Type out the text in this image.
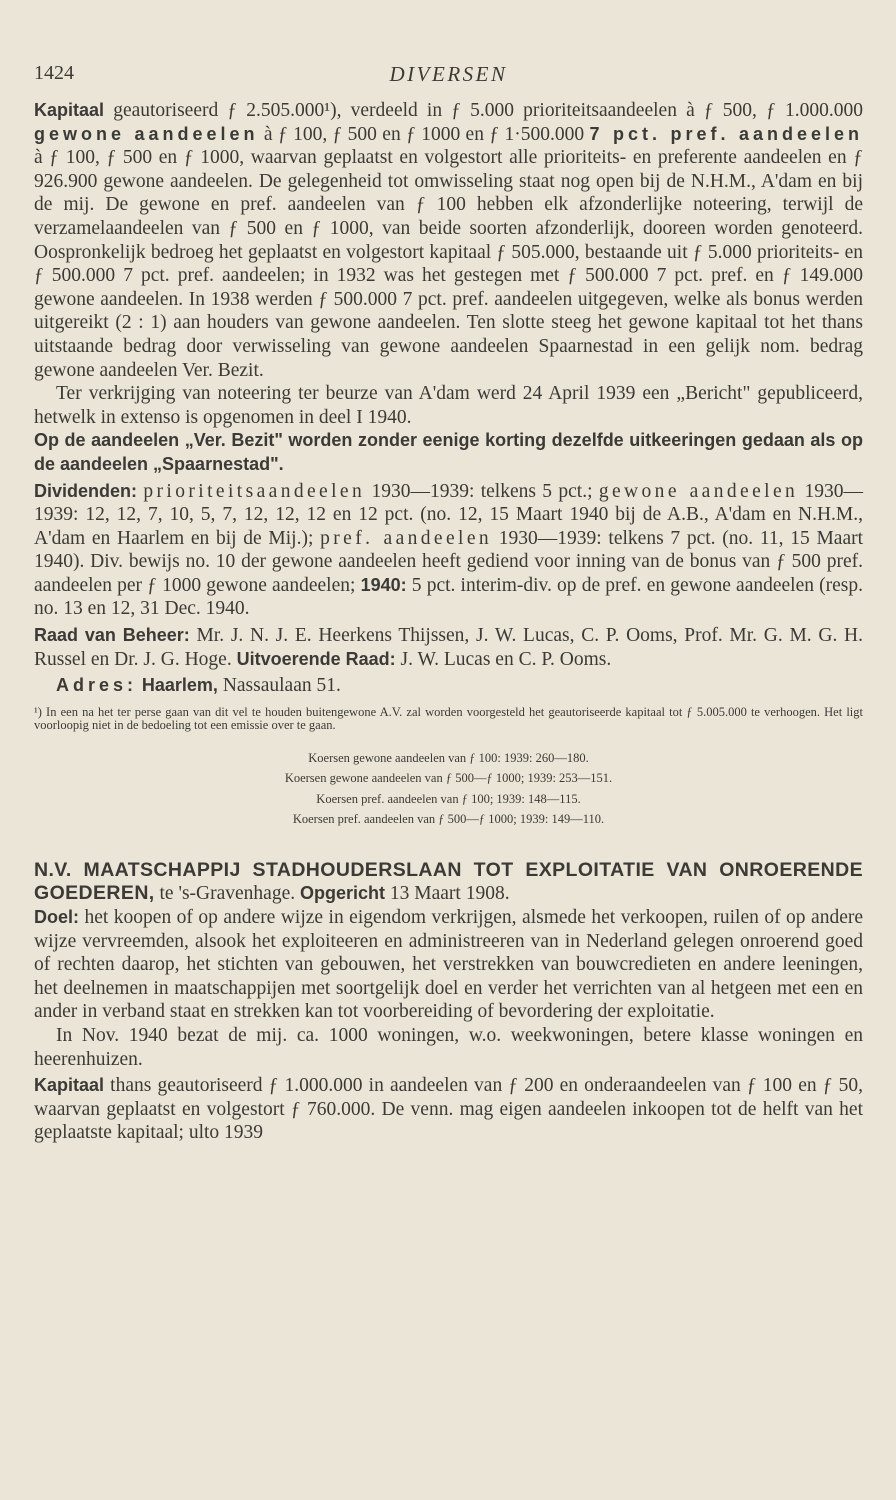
1424	DIVERSEN

Kapitaal geautoriseerd ƒ 2.505.000¹), verdeeld in ƒ 5.000 prioriteitsaandeelen à ƒ 500, ƒ 1.000.000 gewone aandeelen à ƒ 100, ƒ 500 en ƒ 1000 en ƒ 1·500.000 7 pct. pref. aandeelen à ƒ 100, ƒ 500 en ƒ 1000, waarvan geplaatst en volgestort alle prioriteits- en preferente aandeelen en ƒ 926.900 gewone aandeelen. De gelegenheid tot omwisseling staat nog open bij de N.H.M., A'dam en bij de mij. De gewone en pref. aandeelen van ƒ 100 hebben elk afzonderlijke noteering, terwijl de verzamelaandeelen van ƒ 500 en ƒ 1000, van beide soorten afzonderlijk, dooreen worden genoteerd. Oospronkelijk bedroeg het geplaatst en volgestort kapitaal ƒ 505.000, bestaande uit ƒ 5.000 prioriteits- en ƒ 500.000 7 pct. pref. aandeelen; in 1932 was het gestegen met ƒ 500.000 7 pct. pref. en ƒ 149.000 gewone aandeelen. In 1938 werden ƒ 500.000 7 pct. pref. aandeelen uitgegeven, welke als bonus werden uitgereikt (2 : 1) aan houders van gewone aandeelen. Ten slotte steeg het gewone kapitaal tot het thans uitstaande bedrag door verwisseling van gewone aandeelen Spaarnestad in een gelijk nom. bedrag gewone aandeelen Ver. Bezit.

Ter verkrijging van noteering ter beurze van A'dam werd 24 April 1939 een „Bericht" gepubliceerd, hetwelk in extenso is opgenomen in deel I 1940.

Op de aandeelen „Ver. Bezit" worden zonder eenige korting dezelfde uitkeeringen gedaan als op de aandeelen „Spaarnestad".

Dividenden: prioriteitsaandeelen 1930—1939: telkens 5 pct.; gewone aandeelen 1930—1939: 12, 12, 7, 10, 5, 7, 12, 12, 12 en 12 pct. (no. 12, 15 Maart 1940 bij de A.B., A'dam en N.H.M., A'dam en Haarlem en bij de Mij.); pref. aandeelen 1930—1939: telkens 7 pct. (no. 11, 15 Maart 1940). Div. bewijs no. 10 der gewone aandeelen heeft gediend voor inning van de bonus van ƒ 500 pref. aandeelen per ƒ 1000 gewone aandeelen; 1940: 5 pct. interim-div. op de pref. en gewone aandeelen (resp. no. 13 en 12, 31 Dec. 1940.

Raad van Beheer: Mr. J. N. J. E. Heerkens Thijssen, J. W. Lucas, C. P. Ooms, Prof. Mr. G. M. G. H. Russel en Dr. J. G. Hoge. Uitvoerende Raad: J. W. Lucas en C. P. Ooms.

Adres: Haarlem, Nassaulaan 51.

¹) In een na het ter perse gaan van dit vel te houden buitengewone A.V. zal worden voorgesteld het geautoriseerde kapitaal tot ƒ 5.005.000 te verhoogen. Het ligt voorloopig niet in de bedoeling tot een emissie over te gaan.

Koersen gewone aandeelen van ƒ 100: 1939: 260—180.
Koersen gewone aandeelen van ƒ 500—ƒ 1000; 1939: 253—151.
Koersen pref. aandeelen van ƒ 100; 1939: 148—115.
Koersen pref. aandeelen van ƒ 500—ƒ 1000; 1939: 149—110.

N.V. MAATSCHAPPIJ STADHOUDERSLAAN TOT EXPLOITATIE VAN ONROERENDE GOEDEREN, te 's-Gravenhage. Opgericht 13 Maart 1908.

Doel: het koopen of op andere wijze in eigendom verkrijgen, alsmede het verkoopen, ruilen of op andere wijze vervreemden, alsook het exploiteeren en administreeren van in Nederland gelegen onroerend goed of rechten daarop, het stichten van gebouwen, het verstrekken van bouwcredieten en andere leeningen, het deelnemen in maatschappijen met soortgelijk doel en verder het verrichten van al hetgeen met een en ander in verband staat en strekken kan tot voorbereiding of bevordering der exploitatie.

In Nov. 1940 bezat de mij. ca. 1000 woningen, w.o. weekwoningen, betere klasse woningen en heerenhuizen.

Kapitaal thans geautoriseerd ƒ 1.000.000 in aandeelen van ƒ 200 en onderaandeelen van ƒ 100 en ƒ 50, waarvan geplaatst en volgestort ƒ 760.000. De venn. mag eigen aandeelen inkoopen tot de helft van het geplaatste kapitaal; ulto 1939
